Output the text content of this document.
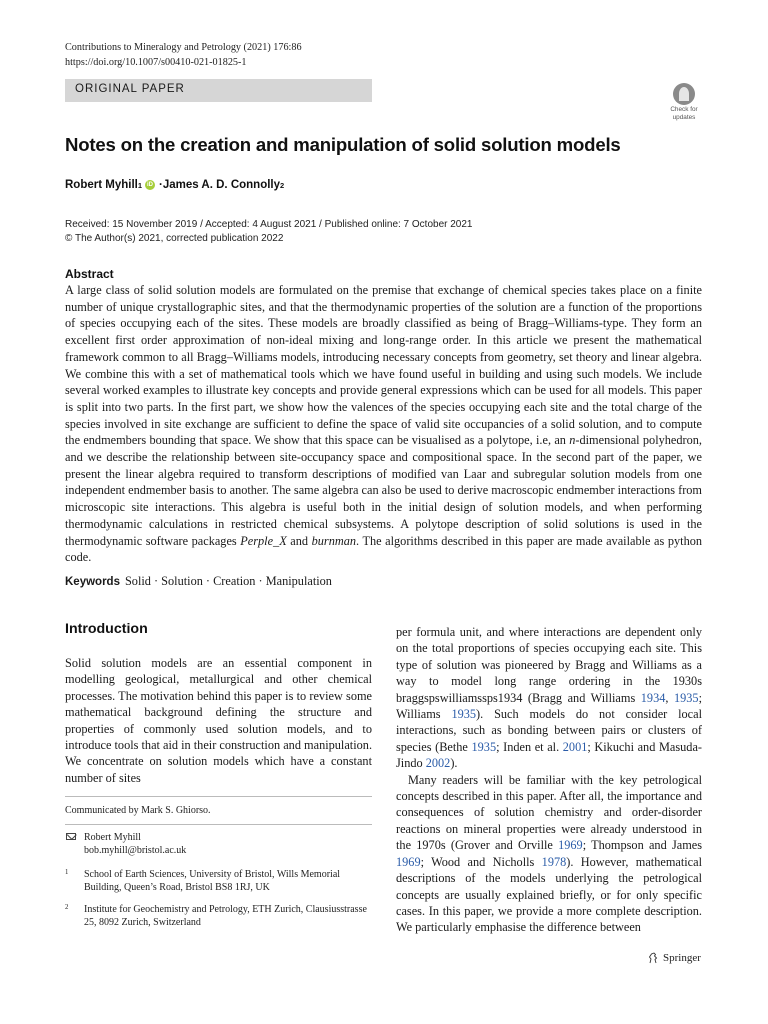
Contributions to Mineralogy and Petrology (2021) 176:86
https://doi.org/10.1007/s00410-021-01825-1
ORIGINAL PAPER
Check for
updates
Notes on the creation and manipulation of solid solution models
Robert Myhill 1 iD · James A. D. Connolly 2
Received: 15 November 2019 / Accepted: 4 August 2021 / Published online: 7 October 2021
© The Author(s) 2021, corrected publication 2022
Abstract
A large class of solid solution models are formulated on the premise that exchange of chemical species takes place on a finite number of unique crystallographic sites, and that the thermodynamic properties of the solution are a function of the proportions of species occupying each of the sites. These models are broadly classified as being of Bragg–Williams-type. They form an excellent first order approximation of non-ideal mixing and long-range order. In this article we present the mathematical framework common to all Bragg–Williams models, introducing necessary concepts from geometry, set theory and linear algebra. We combine this with a set of mathematical tools which we have found useful in building and using such models. We include several worked examples to illustrate key concepts and provide general expressions which can be used for all models. This paper is split into two parts. In the first part, we show how the valences of the species occupying each site and the total charge of the species involved in site exchange are sufficient to define the space of valid site occupancies of a solid solution, and to compute the endmembers bounding that space. We show that this space can be visualised as a polytope, i.e, an n-dimensional polyhedron, and we describe the relationship between site-occupancy space and compositional space. In the second part of the paper, we present the linear algebra required to transform descriptions of modified van Laar and subregular solution models from one independent endmember basis to another. The same algebra can also be used to derive macroscopic endmember interactions from microscopic site interactions. This algebra is useful both in the initial design of solution models, and when performing thermodynamic calculations in restricted chemical subsystems. A polytope description of solid solutions is used in the thermodynamic software packages Perple_X and burnman. The algorithms described in this paper are made available as python code.
Keywords Solid · Solution · Creation · Manipulation
Introduction

Solid solution models are an essential component in modelling geological, metallurgical and other chemical processes. The motivation behind this paper is to review some mathematical background defining the structure and properties of commonly used solution models, and to introduce tools that aid in their construction and manipulation. We concentrate on solution models which have a constant number of sites

per formula unit, and where interactions are dependent only on the total proportions of species occupying each site. This type of solution was pioneered by Bragg and Williams as a way to model long range ordering in the 1930s braggspswilliamssps1934 (Bragg and Williams 1934, 1935; Williams 1935). Such models do not consider local interactions, such as bonding between pairs or clusters of species (Bethe 1935; Inden et al. 2001; Kikuchi and Masuda-Jindo 2002).

Many readers will be familiar with the key petrological concepts described in this paper. After all, the importance and consequences of solution chemistry and order-disorder reactions on mineral properties were already understood in the 1970s (Grover and Orville 1969; Thompson and James 1969; Wood and Nicholls 1978). However, mathematical descriptions of the models underlying the petrological concepts are usually explained briefly, or for only specific cases. In this paper, we provide a more complete description. We particularly emphasise the difference between

Communicated by Mark S. Ghiorso.
Robert Myhill
bob.myhill@bristol.ac.uk
1 School of Earth Sciences, University of Bristol, Wills Memorial Building, Queen’s Road, Bristol BS8 1RJ, UK
2 Institute for Geochemistry and Petrology, ETH Zurich, Clausiusstrasse 25, 8092 Zurich, Switzerland
Springer
